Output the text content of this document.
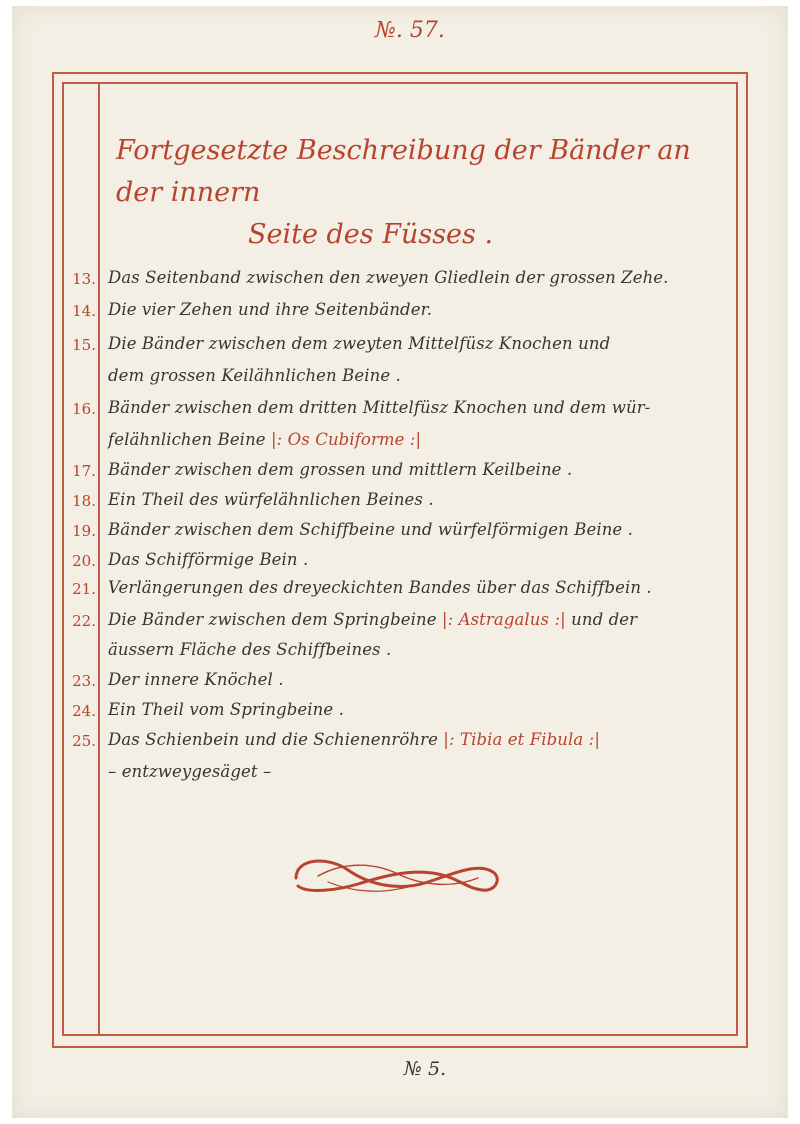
№. 57.
Fortgesetzte Beschreibung der Bänder an der innern
Seite des Füsses .
13. Das Seitenband zwischen den zweyen Gliedlein der grossen Zehe.
14. Die vier Zehen und ihre Seitenbänder.
15. Die Bänder zwischen dem zweyten Mittelfüsz Knochen und
dem grossen Keilähnlichen Beine .
16. Bänder zwischen dem dritten Mittelfüsz Knochen und dem wür-
felähnlichen Beine |: Os Cubiforme :|
17. Bänder zwischen dem grossen und mittlern Keilbeine .
18. Ein Theil des würfelähnlichen Beines .
19. Bänder zwischen dem Schiffbeine und würfelförmigen Beine .
20. Das Schifförmige Bein .
21. Verlängerungen des dreyeckichten Bandes über das Schiffbein .
22. Die Bänder zwischen dem Springbeine |: Astragalus :| und der
äussern Fläche des Schiffbeines .
23. Der innere Knöchel .
24. Ein Theil vom Springbeine .
25. Das Schienbein und die Schienenröhre |: Tibia et Fibula :|
– entzweygesäget –
№ 5.
